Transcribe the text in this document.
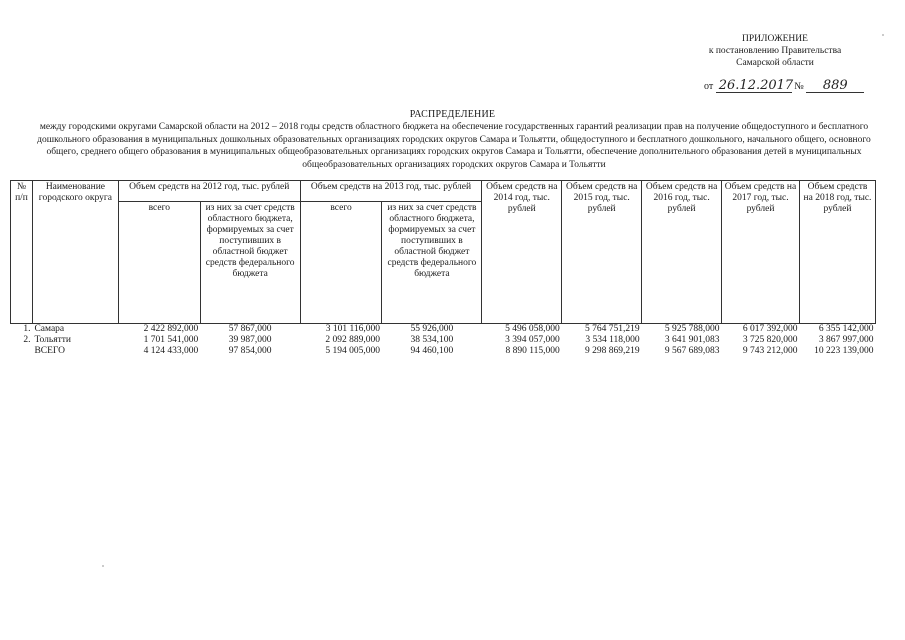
ПРИЛОЖЕНИЕ
к постановлению Правительства
Самарской области
от 26.12.2017 № 889
РАСПРЕДЕЛЕНИЕ
между городскими округами Самарской области на 2012 – 2018 годы средств областного бюджета на обеспечение государственных гарантий реализации прав на получение общедоступного и бесплатного дошкольного образования в муниципальных дошкольных образовательных организациях городских округов Самара и Тольятти, общедоступного и бесплатного дошкольного, начального общего, основного общего, среднего общего образования в муниципальных общеобразовательных организациях городских округов Самара и Тольятти, обеспечение дополнительного образования детей в муниципальных общеобразовательных организациях городских округов Самара и Тольятти
№ п/п	Наименование городского округа	Объем средств на 2012 год, тыс. рублей		Объем средств на 2013 год, тыс. рублей		Объем средств на 2014 год, тыс. рублей	Объем средств на 2015 год, тыс. рублей	Объем средств на 2016 год, тыс. рублей	Объем средств на 2017 год, тыс. рублей	Объем средств на 2018 год, тыс. рублей
		всего	из них за счет средств областного бюджета, формируемых за счет поступивших в областной бюджет средств федерального бюджета	всего	из них за счет средств областного бюджета, формируемых за счет поступивших в областной бюджет средств федерального бюджета					
1.	Самара	2 422 892,000	57 867,000	3 101 116,000	55 926,000	5 496 058,000	5 764 751,219	5 925 788,000	6 017 392,000	6 355 142,000
2.	Тольятти	1 701 541,000	39 987,000	2 092 889,000	38 534,100	3 394 057,000	3 534 118,000	3 641 901,083	3 725 820,000	3 867 997,000
	ВСЕГО	4 124 433,000	97 854,000	5 194 005,000	94 460,100	8 890 115,000	9 298 869,219	9 567 689,083	9 743 212,000	10 223 139,000
